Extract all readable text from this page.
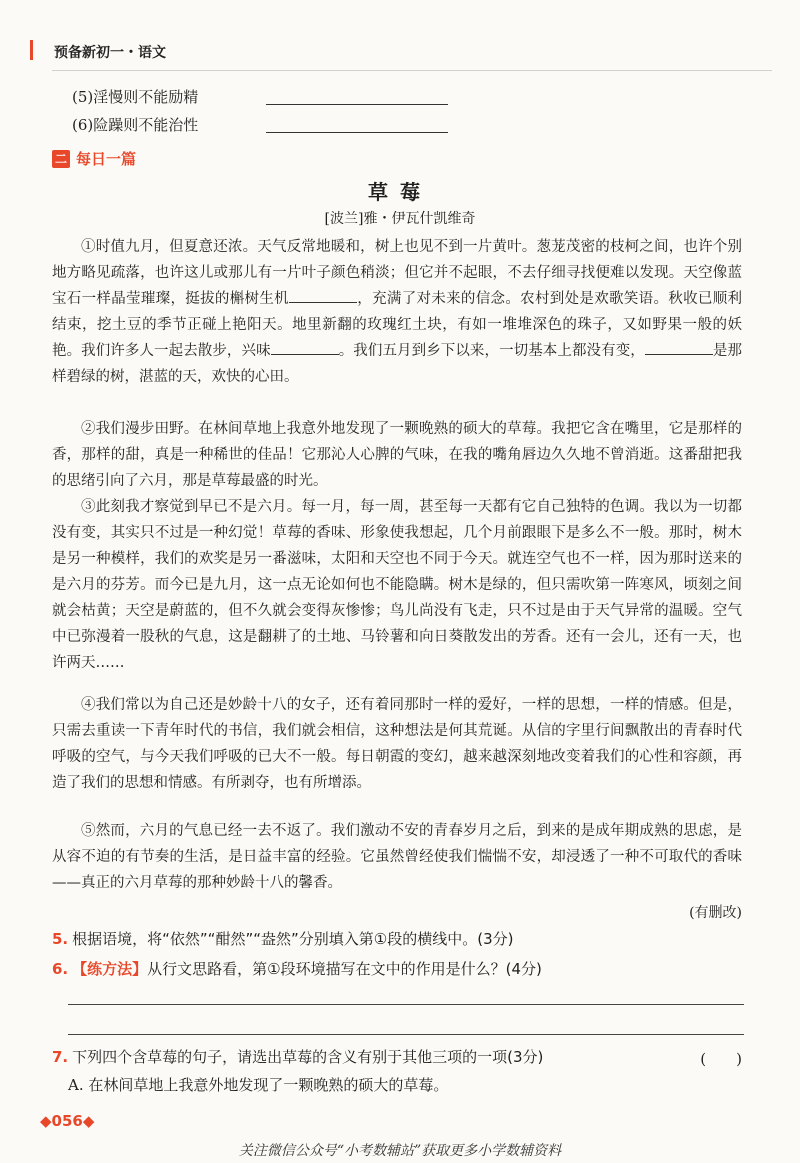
预备新初一・语文
(5)淫慢则不能励精
(6)险躁则不能治性
二 每日一篇
草莓
[波兰]雅・伊瓦什凯维奇
①时值九月，但夏意还浓。天气反常地暖和，树上也见不到一片黄叶。葱茏茂密的枝柯之间，也许个别地方略见疏落，也许这儿或那儿有一片叶子颜色稍淡；但它并不起眼，不去仔细寻找便难以发现。天空像蓝宝石一样晶莹璀璨，挺拔的槲树生机	，充满了对未来的信念。农村到处是欢歌笑语。秋收已顺利结束，挖土豆的季节正碰上艳阳天。地里新翻的玫瑰红土块，有如一堆堆深色的珠子，又如野果一般的妖艳。我们许多人一起去散步，兴味	。我们五月到乡下以来，一切基本上都没有变，	是那样碧绿的树，湛蓝的天，欢快的心田。
②我们漫步田野。在林间草地上我意外地发现了一颗晚熟的硕大的草莓。我把它含在嘴里，它是那样的香，那样的甜，真是一种稀世的佳品！它那沁人心脾的气味，在我的嘴角唇边久久地不曾消逝。这番甜把我的思绪引向了六月，那是草莓最盛的时光。
③此刻我才察觉到早已不是六月。每一月，每一周，甚至每一天都有它自己独特的色调。我以为一切都没有变，其实只不过是一种幻觉！草莓的香味、形象使我想起，几个月前跟眼下是多么不一般。那时，树木是另一种模样，我们的欢奖是另一番滋味，太阳和天空也不同于今天。就连空气也不一样，因为那时送来的是六月的芬芳。而今已是九月，这一点无论如何也不能隐瞒。树木是绿的，但只需吹第一阵寒风，顷刻之间就会枯黄；天空是蔚蓝的，但不久就会变得灰惨惨；鸟儿尚没有飞走，只不过是由于天气异常的温暖。空气中已弥漫着一股秋的气息，这是翻耕了的土地、马铃薯和向日葵散发出的芳香。还有一会儿，还有一天，也许两天……
④我们常以为自己还是妙龄十八的女子，还有着同那时一样的爱好，一样的思想，一样的情感。但是，只需去重读一下青年时代的书信，我们就会相信，这种想法是何其荒诞。从信的字里行间飘散出的青春时代呼吸的空气，与今天我们呼吸的已大不一般。每日朝霞的变幻，越来越深刻地改变着我们的心性和容颜，再造了我们的思想和情感。有所剥夺，也有所增添。
⑤然而，六月的气息已经一去不返了。我们激动不安的青春岁月之后，到来的是成年期成熟的思虑，是从容不迫的有节奏的生活，是日益丰富的经验。它虽然曾经使我们惴惴不安，却浸透了一种不可取代的香味——真正的六月草莓的那种妙龄十八的馨香。
(有删改)
5. 根据语境，将“依然”“酣然”“盎然”分别填入第①段的横线中。(3分)
6. 【练方法】从行文思路看，第①段环境描写在文中的作用是什么？(4分)
7. 下列四个含草莓的句子，请选出草莓的含义有别于其他三项的一项(3分)	(　　)
A. 在林间草地上我意外地发现了一颗晚熟的硕大的草莓。
◆056◆
关注微信公众号“小考数辅站”获取更多小学数辅资料
